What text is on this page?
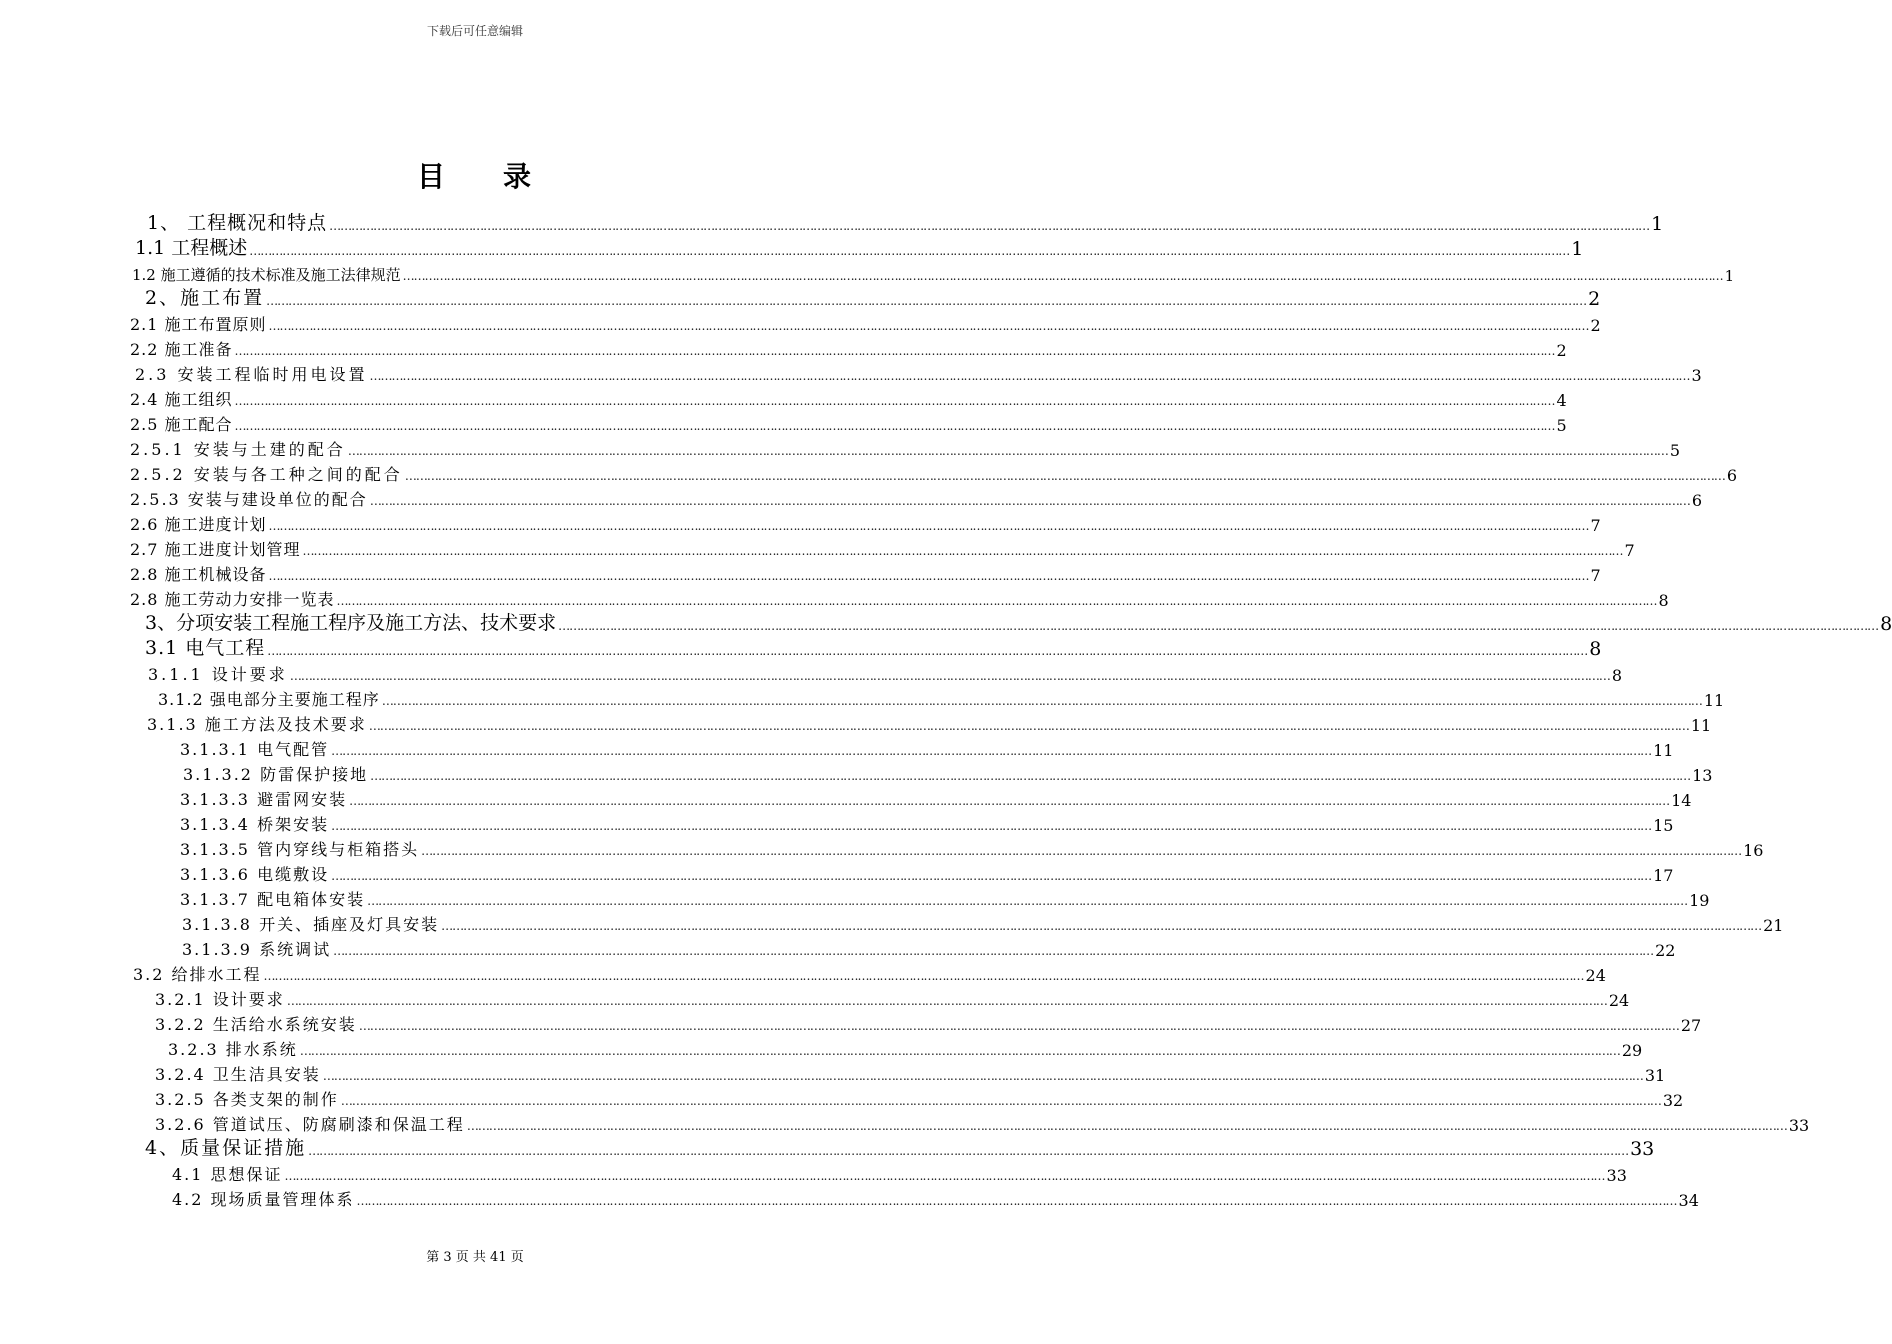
下载后可任意编辑
目 录
1、 工程概况和特点 ……………………………………………………………………………………………………………………………………………………………………………………………………………………………………………………………………………………………………………………………… 1
1.1 工程概述 ……………………………………………………………………………………………………………………………………………………………………………………………………………………………………………………………………………………………………………………………… 1
1.2 施工遵循的技术标准及施工法律规范 ……………………………………………………………………………………………………………………………………………………………………………………………………………………………………………………………………………………………………………………………… 1
2、施工布置 ……………………………………………………………………………………………………………………………………………………………………………………………………………………………………………………………………………………………………………………………… 2
2.1 施工布置原则 ……………………………………………………………………………………………………………………………………………………………………………………………………………………………………………………………………………………………………………………………… 2
2.2 施工准备 ……………………………………………………………………………………………………………………………………………………………………………………………………………………………………………………………………………………………………………………………… 2
2.3 安装工程临时用电设置 ……………………………………………………………………………………………………………………………………………………………………………………………………………………………………………………………………………………………………………………………… 3
2.4 施工组织 ……………………………………………………………………………………………………………………………………………………………………………………………………………………………………………………………………………………………………………………………… 4
2.5 施工配合 ……………………………………………………………………………………………………………………………………………………………………………………………………………………………………………………………………………………………………………………………… 5
2.5.1 安装与土建的配合 ……………………………………………………………………………………………………………………………………………………………………………………………………………………………………………………………………………………………………………………………… 5
2.5.2 安装与各工种之间的配合 ……………………………………………………………………………………………………………………………………………………………………………………………………………………………………………………………………………………………………………………………… 6
2.5.3 安装与建设单位的配合 ……………………………………………………………………………………………………………………………………………………………………………………………………………………………………………………………………………………………………………………………… 6
2.6 施工进度计划 ……………………………………………………………………………………………………………………………………………………………………………………………………………………………………………………………………………………………………………………………… 7
2.7 施工进度计划管理 ……………………………………………………………………………………………………………………………………………………………………………………………………………………………………………………………………………………………………………………………… 7
2.8 施工机械设备 ……………………………………………………………………………………………………………………………………………………………………………………………………………………………………………………………………………………………………………………………… 7
2.8 施工劳动力安排一览表 ……………………………………………………………………………………………………………………………………………………………………………………………………………………………………………………………………………………………………………………………… 8
3、分项安装工程施工程序及施工方法、技术要求 ……………………………………………………………………………………………………………………………………………………………………………………………………………………………………………………………………………………………………………………………… 8
3.1 电气工程 ……………………………………………………………………………………………………………………………………………………………………………………………………………………………………………………………………………………………………………………………… 8
3.1.1 设计要求 ……………………………………………………………………………………………………………………………………………………………………………………………………………………………………………………………………………………………………………………………… 8
3.1.2 强电部分主要施工程序 ……………………………………………………………………………………………………………………………………………………………………………………………………………………………………………………………………………………………………………………………… 11
3.1.3 施工方法及技术要求 ……………………………………………………………………………………………………………………………………………………………………………………………………………………………………………………………………………………………………………………………… 11
3.1.3.1 电气配管 ……………………………………………………………………………………………………………………………………………………………………………………………………………………………………………………………………………………………………………………………… 11
3.1.3.2 防雷保护接地 ……………………………………………………………………………………………………………………………………………………………………………………………………………………………………………………………………………………………………………………………… 13
3.1.3.3 避雷网安装 ……………………………………………………………………………………………………………………………………………………………………………………………………………………………………………………………………………………………………………………………… 14
3.1.3.4 桥架安装 ……………………………………………………………………………………………………………………………………………………………………………………………………………………………………………………………………………………………………………………………… 15
3.1.3.5 管内穿线与柜箱搭头 ……………………………………………………………………………………………………………………………………………………………………………………………………………………………………………………………………………………………………………………………… 16
3.1.3.6 电缆敷设 ……………………………………………………………………………………………………………………………………………………………………………………………………………………………………………………………………………………………………………………………… 17
3.1.3.7 配电箱体安装 ……………………………………………………………………………………………………………………………………………………………………………………………………………………………………………………………………………………………………………………………… 19
3.1.3.8 开关、插座及灯具安装 ……………………………………………………………………………………………………………………………………………………………………………………………………………………………………………………………………………………………………………………………… 21
3.1.3.9 系统调试 ……………………………………………………………………………………………………………………………………………………………………………………………………………………………………………………………………………………………………………………………… 22
3.2 给排水工程 ……………………………………………………………………………………………………………………………………………………………………………………………………………………………………………………………………………………………………………………………… 24
3.2.1 设计要求 ……………………………………………………………………………………………………………………………………………………………………………………………………………………………………………………………………………………………………………………………… 24
3.2.2 生活给水系统安装 ……………………………………………………………………………………………………………………………………………………………………………………………………………………………………………………………………………………………………………………………… 27
3.2.3 排水系统 ……………………………………………………………………………………………………………………………………………………………………………………………………………………………………………………………………………………………………………………………… 29
3.2.4 卫生洁具安装 ……………………………………………………………………………………………………………………………………………………………………………………………………………………………………………………………………………………………………………………………… 31
3.2.5 各类支架的制作 ……………………………………………………………………………………………………………………………………………………………………………………………………………………………………………………………………………………………………………………………… 32
3.2.6 管道试压、防腐刷漆和保温工程 ……………………………………………………………………………………………………………………………………………………………………………………………………………………………………………………………………………………………………………………………… 33
4、质量保证措施 ……………………………………………………………………………………………………………………………………………………………………………………………………………………………………………………………………………………………………………………………… 33
4.1 思想保证 ……………………………………………………………………………………………………………………………………………………………………………………………………………………………………………………………………………………………………………………………… 33
4.2 现场质量管理体系 ……………………………………………………………………………………………………………………………………………………………………………………………………………………………………………………………………………………………………………………………… 34
第 3 页 共 41 页
